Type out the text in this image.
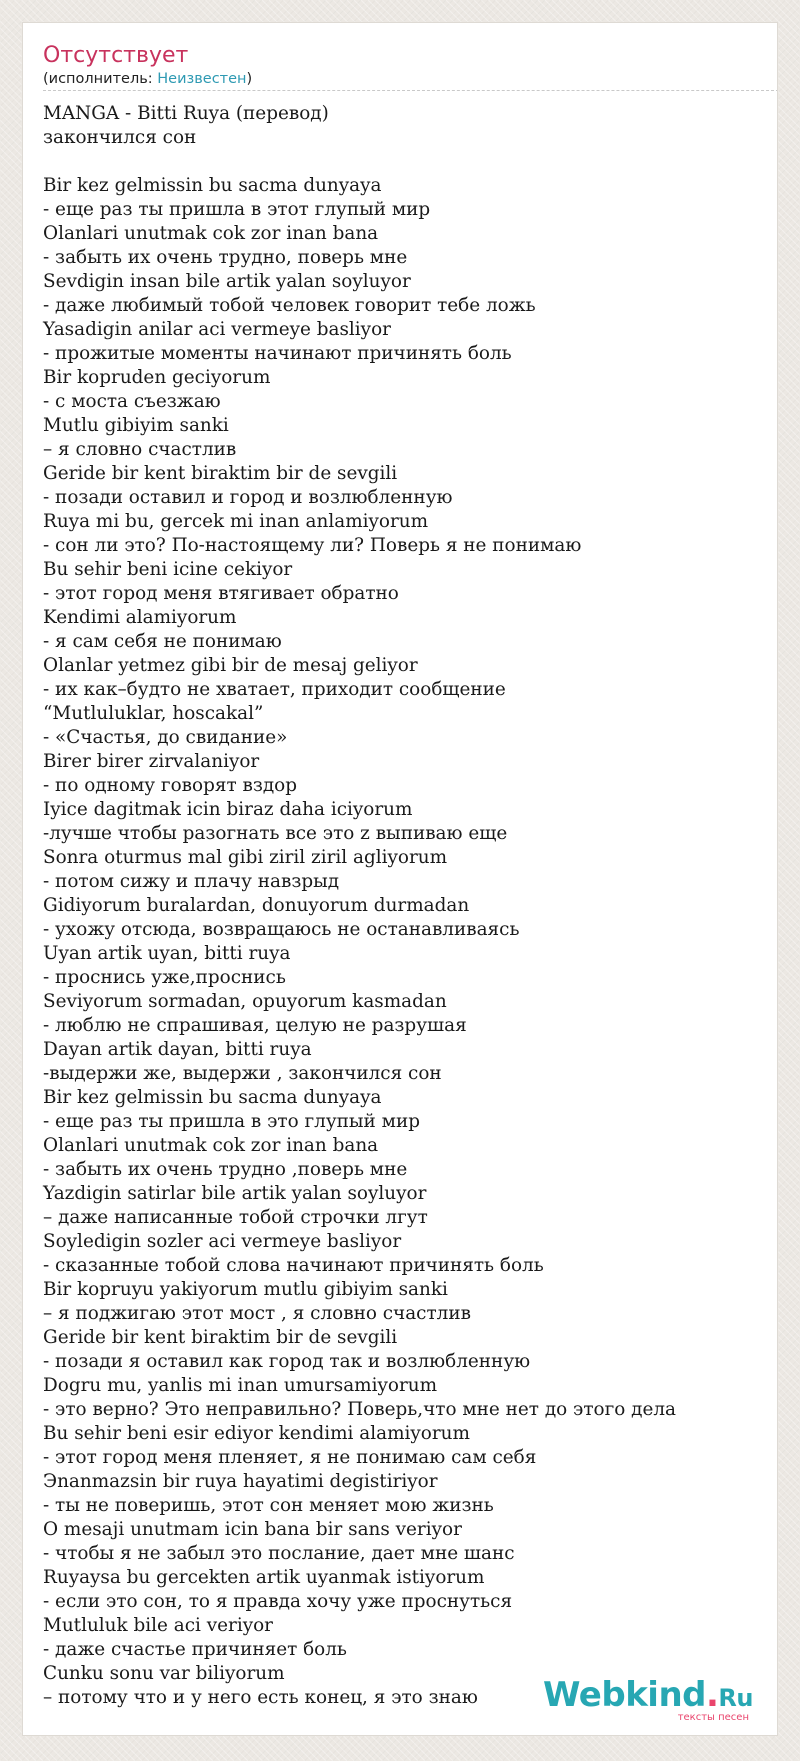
Отсутствует

(исполнитель: Неизвестен)

MANGA - Bitti Ruya (перевод)
закончился сон
Bir kez gelmissin bu sacma dunyaya
- еще раз ты пришла в этот глупый мир
Olanlari unutmak cok zor inan bana
- забыть их очень трудно, поверь мне
Sevdigin insan bile artik yalan soyluyor
- даже любимый тобой человек говорит тебе ложь
Yasadigin anilar aci vermeye basliyor
- прожитые моменты начинают причинять боль
Bir kopruden geciyorum
- с моста съезжаю
Mutlu gibiyim sanki
– я словно счастлив
Geride bir kent biraktim bir de sevgili
- позади оставил и город и возлюбленную
Ruya mi bu, gercek mi inan anlamiyorum
- сон ли это? По-настоящему ли? Поверь я не понимаю
Bu sehir beni icine cekiyor
- этот город меня втягивает обратно
Kendimi alamiyorum
- я сам себя не понимаю
Olanlar yetmez gibi bir de mesaj geliyor
- их как–будто не хватает, приходит сообщение
“Mutluluklar, hoscakal”
- «Счастья, до свидание»
Birer birer zirvalaniyor
- по одному говорят вздор
Iyice dagitmak icin biraz daha iciyorum
-лучше чтобы разогнать все это z выпиваю еще
Sonra oturmus mal gibi ziril ziril agliyorum
- потом сижу и плачу навзрыд
Gidiyorum buralardan, donuyorum durmadan
- ухожу отсюда, возвращаюсь не останавливаясь
Uyan artik uyan, bitti ruya
- проснись уже,проснись
Seviyorum sormadan, opuyorum kasmadan
- люблю не спрашивая, целую не разрушая
Dayan artik dayan, bitti ruya
-выдержи же, выдержи , закончился сон
Bir kez gelmissin bu sacma dunyaya
- еще раз ты пришла в это глупый мир
Olanlari unutmak cok zor inan bana
- забыть их очень трудно ,поверь мне
Yazdigin satirlar bile artik yalan soyluyor
– даже написанные тобой строчки лгут
Soyledigin sozler aci vermeye basliyor
- сказанные тобой слова начинают причинять боль
Bir kopruyu yakiyorum mutlu gibiyim sanki
– я поджигаю этот мост , я словно счастлив
Geride bir kent biraktim bir de sevgili
- позади я оставил как город так и возлюбленную
Dogru mu, yanlis mi inan umursamiyorum
- это верно? Это неправильно? Поверь,что мне нет до этого дела
Bu sehir beni esir ediyor kendimi alamiyorum
- этот город меня пленяет, я не понимаю сам себя
Эnanmazsin bir ruya hayatimi degistiriyor
- ты не поверишь, этот сон меняет мою жизнь
O mesaji unutmam icin bana bir sans veriyor
- чтобы я не забыл это послание, дает мне шанс
Ruyaysa bu gercekten artik uyanmak istiyorum
- если это сон, то я правда хочу уже проснуться
Mutluluk bile aci veriyor
- даже счастье причиняет боль
Cunku sonu var biliyorum
– потому что и у него есть конец, я это знаю	Webkind.Ru
тексты песен
